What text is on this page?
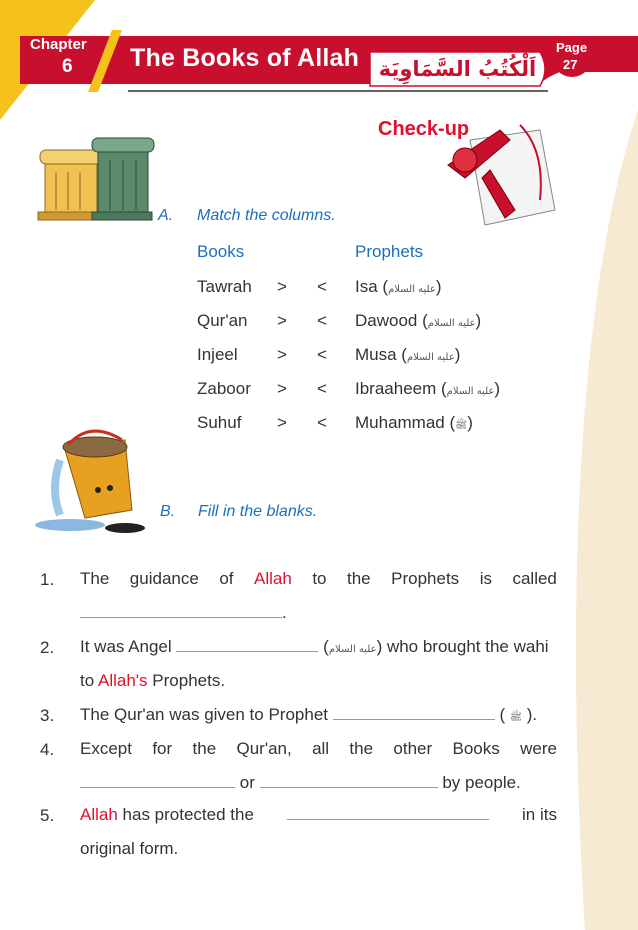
Chapter
6 The Books of Allah اَلْكُتُبُ السَّمَاوِيَة
Page
27
Check-up
A. Match the columns.
Books	Prophets
Tawrah > < Isa (عليه السلام)
Qur'an > < Dawood (عليه السلام)
Injeel > < Musa (عليه السلام)
Zaboor > < Ibraaheem (عليه السلام)
Suhuf > < Muhammad (ﷺ)
B. Fill in the blanks.
1. The guidance of Allah to the Prophets is called
.
2. It was Angel	(عليه السلام) who brought the wahi
to Allah's Prophets.
3. The Qur'an was given to Prophet	( ﷺ ).
4. Except for the Qur'an, all the other Books were
or	by people.
5. Allah has protected the	in its
original form.
